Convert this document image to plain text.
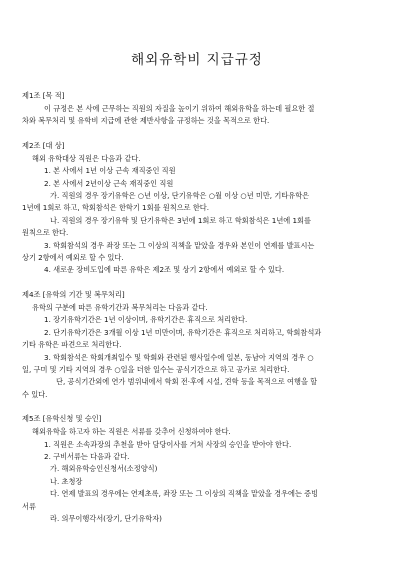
해외유학비 지급규정
제1조 [목 적]
이 규정은 본 사에 근무하는 직원의 자질을 높이기 위하여 해외유학을 하는데 필요한 절
차와 복무처리 및 유학비 지급에 관한 제반사항을 규정하는 것을 목적으로 한다.
제2조 [대 상]
해외 유학대상 직원은 다음과 같다.
1. 본 사에서 1년 이상 근속 재직중인 직원
2. 본 사에서 2년이상 근속 재직중인 직원
가. 직원의 경우 장기유학은 ○년 이상, 단기유학은 ○월 이상 ○년 미만, 기타유학은
1년에 1회로 하고, 학회참석은 한학기 1회를 원칙으로 한다.
나. 직원의 경우 장기유학 및 단기유학은 3년에 1회로 하고 학회참석은 1년에 1회를
원칙으로 한다.
3. 학회참석의 경우 좌장 또는 그 이상의 직책을 맡았을 경우와 본인이 연제를 발표시는
상기 2항에서 예외로 할 수 있다.
4. 새로운 장비도입에 따른 유학은 제2조 및 상기 2항에서 예외로 할 수 있다.
제4조 [유학의 기간 및 복무처리]
유학의 구분에 따른 유학기간과 복무처리는 다음과 같다.
1. 장기유학기간은 1년 이상이며, 유학기간은 휴직으로 처리한다.
2. 단기유학기간은 3개월 이상 1년 미만이며, 유학기간은 휴직으로 처리하고, 학회참석과
기타 유학은 파견으로 처리한다.
3. 학회참석은 학회개최일수 및 학회와 관련된 행사일수에 일본, 동남아 지역의 경우 ○
일, 구미 및 기타 지역의 경우 ○일을 더한 일수는 공식기간으로 하고 공가로 처리한다.
단, 공식기간외에 연가 범위내에서 학회 전·후에 시설, 견학 등을 목적으로 여행을 할
수 있다.
제5조 [유학신청 및 승인]
해외유학을 하고자 하는 직원은 서류를 갖추어 신청하여야 한다.
1. 직원은 소속과장의 추천을 받아 담당이사를 거쳐 사장의 승인을 받아야 한다.
2. 구비서류는 다음과 같다.
가. 해외유학승인신청서(소정양식)
나. 초청장
다. 연제 발표의 경우에는 연제초록, 좌장 또는 그 이상의 직책을 맡았을 경우에는 증빙
서류
라. 의무이행각서(장기, 단기유학자)
